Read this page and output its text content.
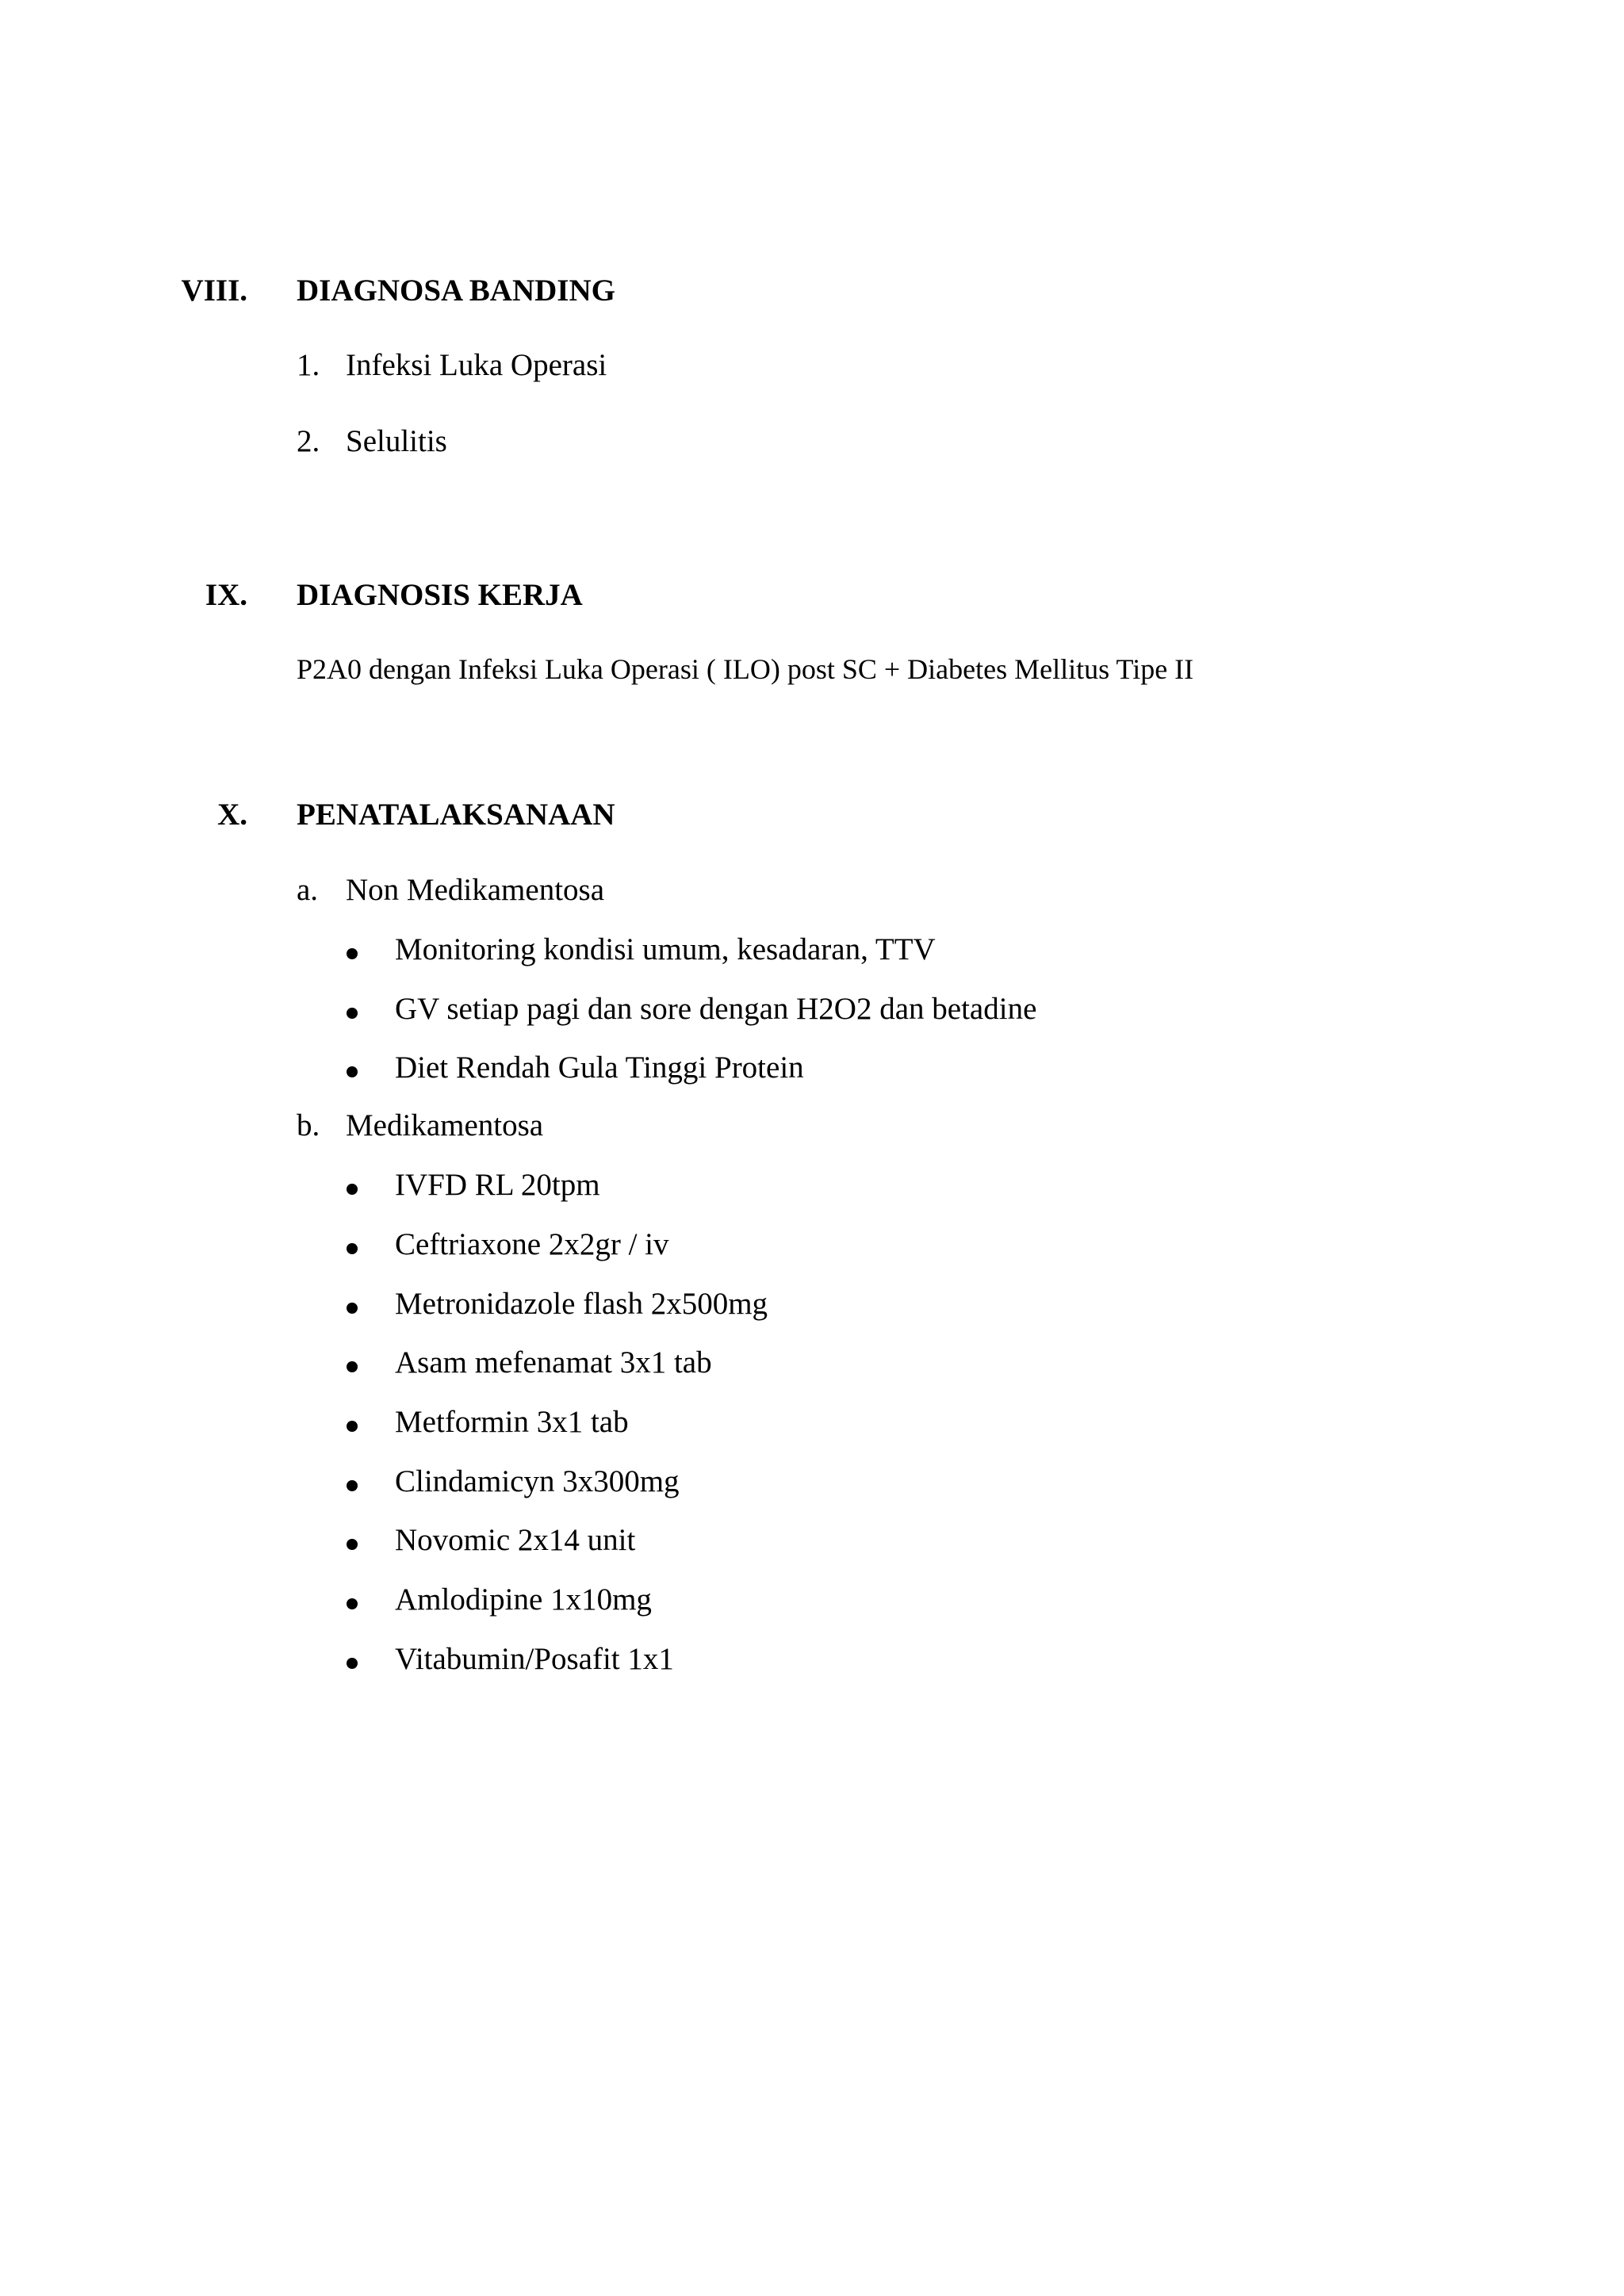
VIII. DIAGNOSA BANDING
1. Infeksi Luka Operasi
2. Selulitis
IX. DIAGNOSIS KERJA
P2A0 dengan Infeksi Luka Operasi ( ILO) post SC + Diabetes Mellitus Tipe II
X. PENATALAKSANAAN
a. Non Medikamentosa
Monitoring kondisi umum, kesadaran, TTV
GV setiap pagi dan sore dengan H2O2 dan betadine
Diet Rendah Gula Tinggi Protein
b. Medikamentosa
IVFD RL 20tpm
Ceftriaxone 2x2gr / iv
Metronidazole flash 2x500mg
Asam mefenamat 3x1 tab
Metformin 3x1 tab
Clindamicyn 3x300mg
Novomic 2x14 unit
Amlodipine 1x10mg
Vitabumin/Posafit 1x1
